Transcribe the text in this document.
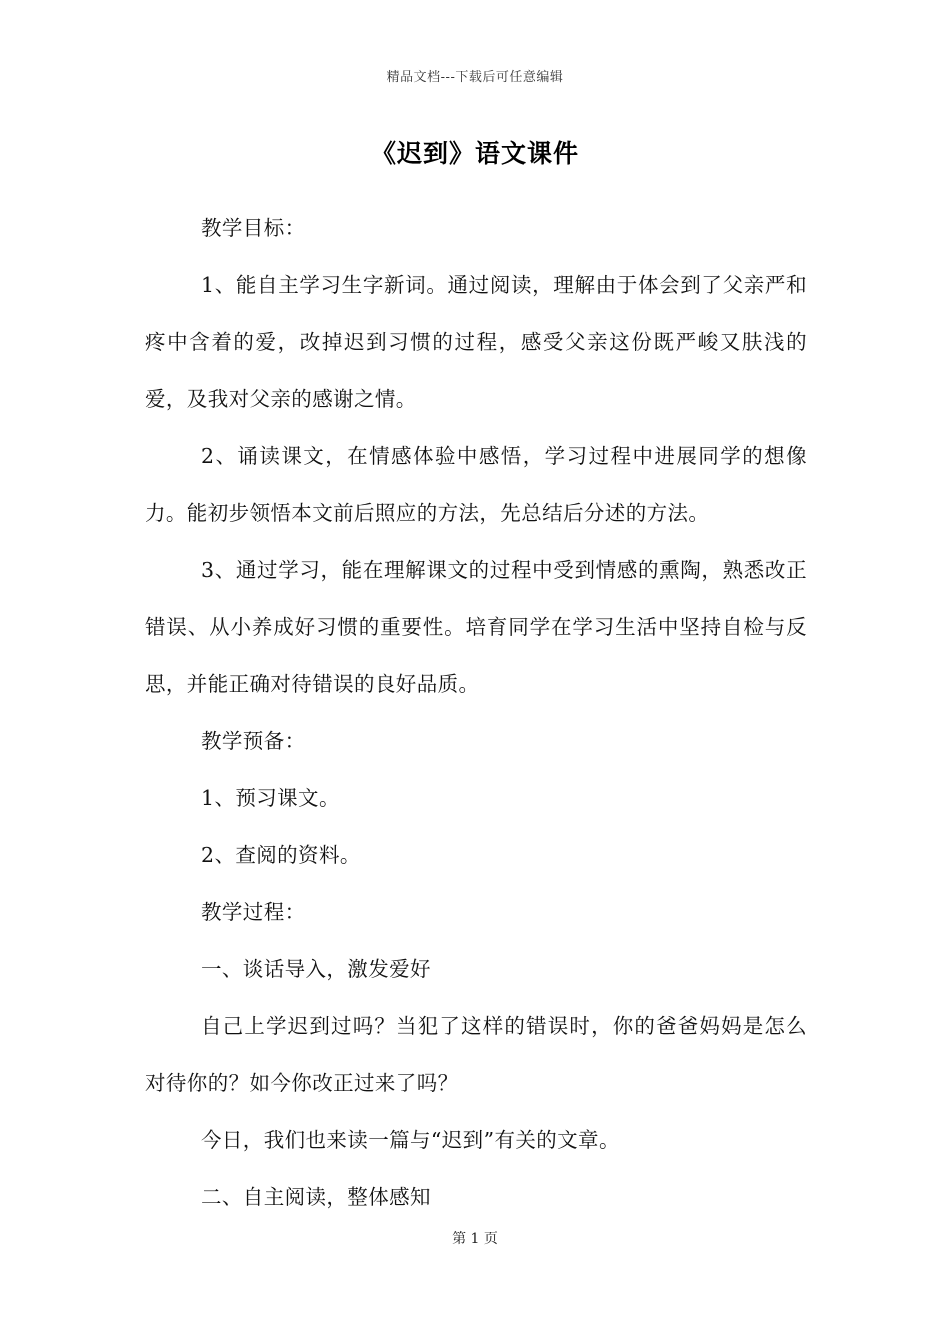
精品文档---下载后可任意编辑
《迟到》语文课件

教学目标：

1、能自主学习生字新词。通过阅读，理解由于体会到了父亲严和疼中含着的爱，改掉迟到习惯的过程，感受父亲这份既严峻又肤浅的爱，及我对父亲的感谢之情。

2、诵读课文，在情感体验中感悟，学习过程中进展同学的想像力。能初步领悟本文前后照应的方法，先总结后分述的方法。

3、通过学习，能在理解课文的过程中受到情感的熏陶，熟悉改正错误、从小养成好习惯的重要性。培育同学在学习生活中坚持自检与反思，并能正确对待错误的良好品质。

教学预备：

1、预习课文。

2、查阅的资料。

教学过程：

一、谈话导入，激发爱好

自己上学迟到过吗？当犯了这样的错误时，你的爸爸妈妈是怎么对待你的？如今你改正过来了吗？

今日，我们也来读一篇与“迟到”有关的文章。

二、自主阅读，整体感知

第 1 页
